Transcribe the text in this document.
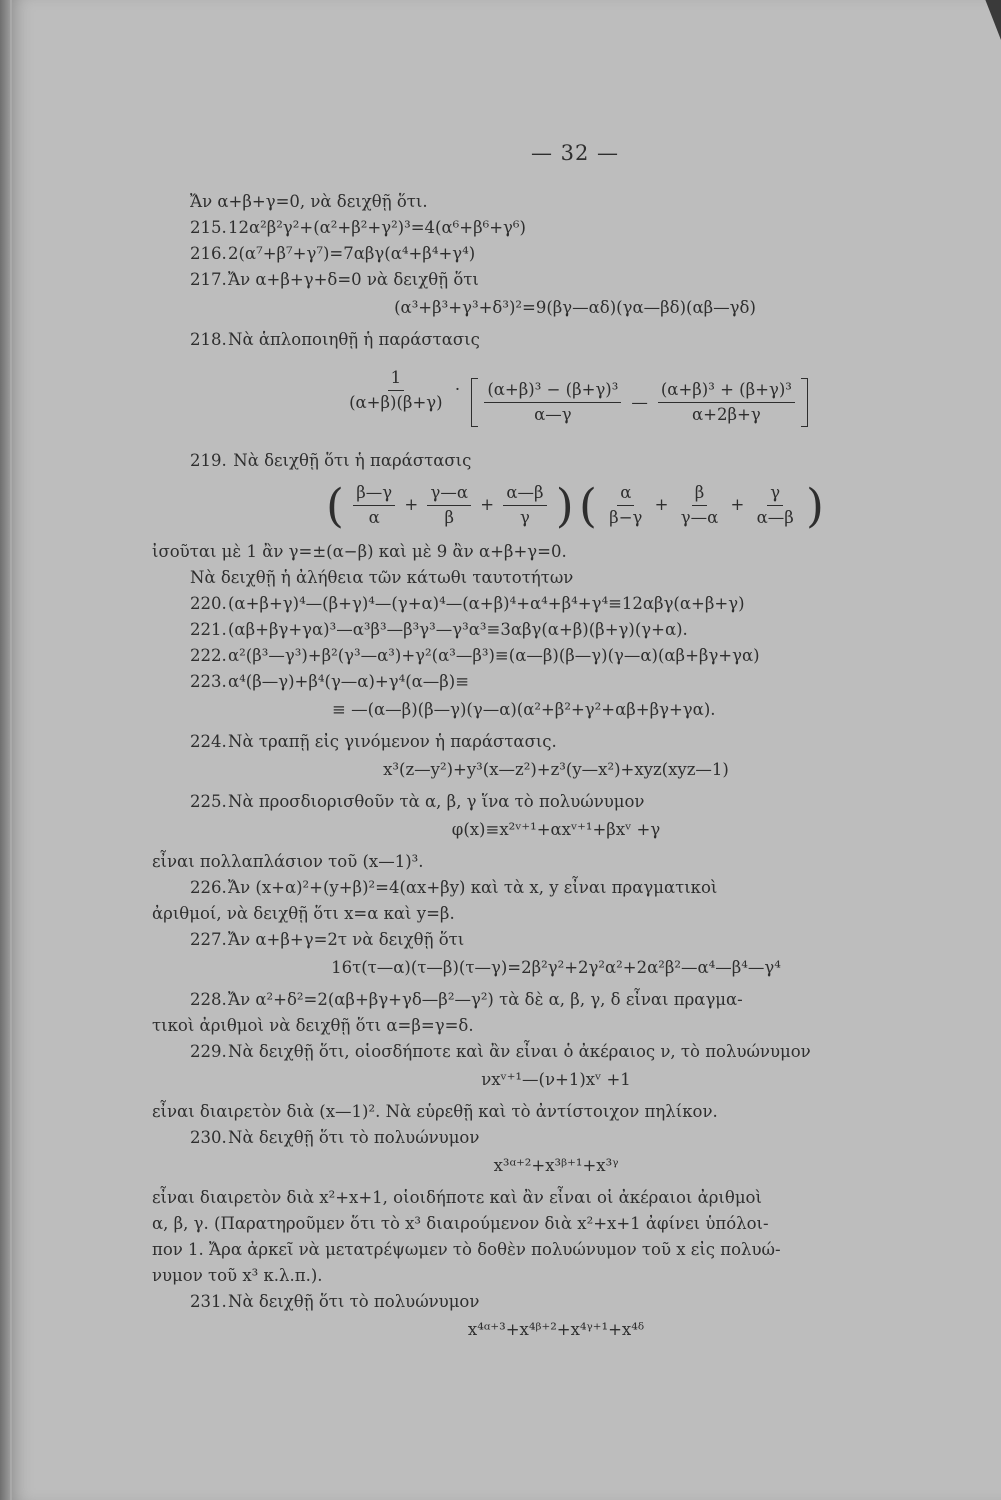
— 32 —
Ἄν α+β+γ=0, νὰ δειχθῇ ὅτι.
215.12α²β²γ²+(α²+β²+γ²)³=4(α⁶+β⁶+γ⁶)
216.2(α⁷+β⁷+γ⁷)=7αβγ(α⁴+β⁴+γ⁴)
217.Ἄν α+β+γ+δ=0 νὰ δειχθῇ ὅτι
(α³+β³+γ³+δ³)²=9(βγ—αδ)(γα—βδ)(αβ—γδ)
218.Νὰ ἁπλοποιηθῇ ἡ παράστασις
$\frac{1}{(\alpha+\beta)(\beta+\gamma)} \cdot \frac{\text{(α+β)³ − (β+γ)³}}{\alpha—\gamma}$ — $\frac{\text{(α+β)³ + (β+γ)³}}{\alpha+2\beta+\gamma}$
219. Νὰ δειχθῇ ὅτι ἡ παράστασις
( $\frac{\beta—\gamma}{\alpha} + \frac{\gamma—\alpha}{\beta} + \frac{\alpha—\beta}{\gamma}$ ) ( $\frac{\alpha}{\beta-\gamma} + \frac{\beta}{\gamma—\alpha} + \frac{\gamma}{\alpha—\beta}$ )
ἰσοῦται μὲ 1 ἂν γ=±(α−β) καὶ μὲ 9 ἂν α+β+γ=0.
Νὰ δειχθῇ ἡ ἀλήθεια τῶν κάτωθι ταυτοτήτων
220.(α+β+γ)⁴—(β+γ)⁴—(γ+α)⁴—(α+β)⁴+α⁴+β⁴+γ⁴≡12αβγ(α+β+γ)
221.(αβ+βγ+γα)³—α³β³—β³γ³—γ³α³≡3αβγ(α+β)(β+γ)(γ+α).
222.α²(β³—γ³)+β²(γ³—α³)+γ²(α³—β³)≡(α—β)(β—γ)(γ—α)(αβ+βγ+γα)
223.α⁴(β—γ)+β⁴(γ—α)+γ⁴(α—β)≡
≡ —(α—β)(β—γ)(γ—α)(α²+β²+γ²+αβ+βγ+γα).
224.Νὰ τραπῇ εἰς γινόμενον ἡ παράστασις.
x³(z—y²)+y³(x—z²)+z³(y—x²)+xyz(xyz—1)
225.Νὰ προσδιορισθοῦν τὰ α, β, γ ἵνα τὸ πολυώνυμον
φ(x)≡x²ᵛ⁺¹+αxᵛ⁺¹+βxᵛ +γ
εἶναι πολλαπλάσιον τοῦ (x—1)³.
226.Ἄν (x+α)²+(y+β)²=4(αx+βy) καὶ τὰ x, y εἶναι πραγματικοὶ
ἀριθμοί, νὰ δειχθῇ ὅτι x=α καὶ y=β.
227.Ἄν α+β+γ=2τ νὰ δειχθῇ ὅτι
16τ(τ—α)(τ—β)(τ—γ)=2β²γ²+2γ²α²+2α²β²—α⁴—β⁴—γ⁴
228.Ἄν α²+δ²=2(αβ+βγ+γδ—β²—γ²) τὰ δὲ α, β, γ, δ εἶναι πραγμα-
τικοὶ ἀριθμοὶ νὰ δειχθῇ ὅτι α=β=γ=δ.
229.Νὰ δειχθῇ ὅτι, οἱοσδήποτε καὶ ἂν εἶναι ὁ ἀκέραιος ν, τὸ πολυώνυμον
νxᵛ⁺¹—(ν+1)xᵛ +1
εἶναι διαιρετὸν διὰ (x—1)². Νὰ εὑρεθῇ καὶ τὸ ἀντίστοιχον πηλίκον.
230.Νὰ δειχθῇ ὅτι τὸ πολυώνυμον
x³ᵅ⁺²+x³ᵝ⁺¹+x³ᵞ
εἶναι διαιρετὸν διὰ x²+x+1, οἱοιδήποτε καὶ ἂν εἶναι οἱ ἀκέραιοι ἀριθμοὶ
α, β, γ. (Παρατηροῦμεν ὅτι τὸ x³ διαιρούμενον διὰ x²+x+1 ἀφίνει ὑπόλοι-
πον 1. Ἄρα ἀρκεῖ νὰ μετατρέψωμεν τὸ δοθὲν πολυώνυμον τοῦ x εἰς πολυώ-
νυμον τοῦ x³ κ.λ.π.).
231.Νὰ δειχθῇ ὅτι τὸ πολυώνυμον
x⁴ᵅ⁺³+x⁴ᵝ⁺²+x⁴ᵞ⁺¹+x⁴ᵟ
